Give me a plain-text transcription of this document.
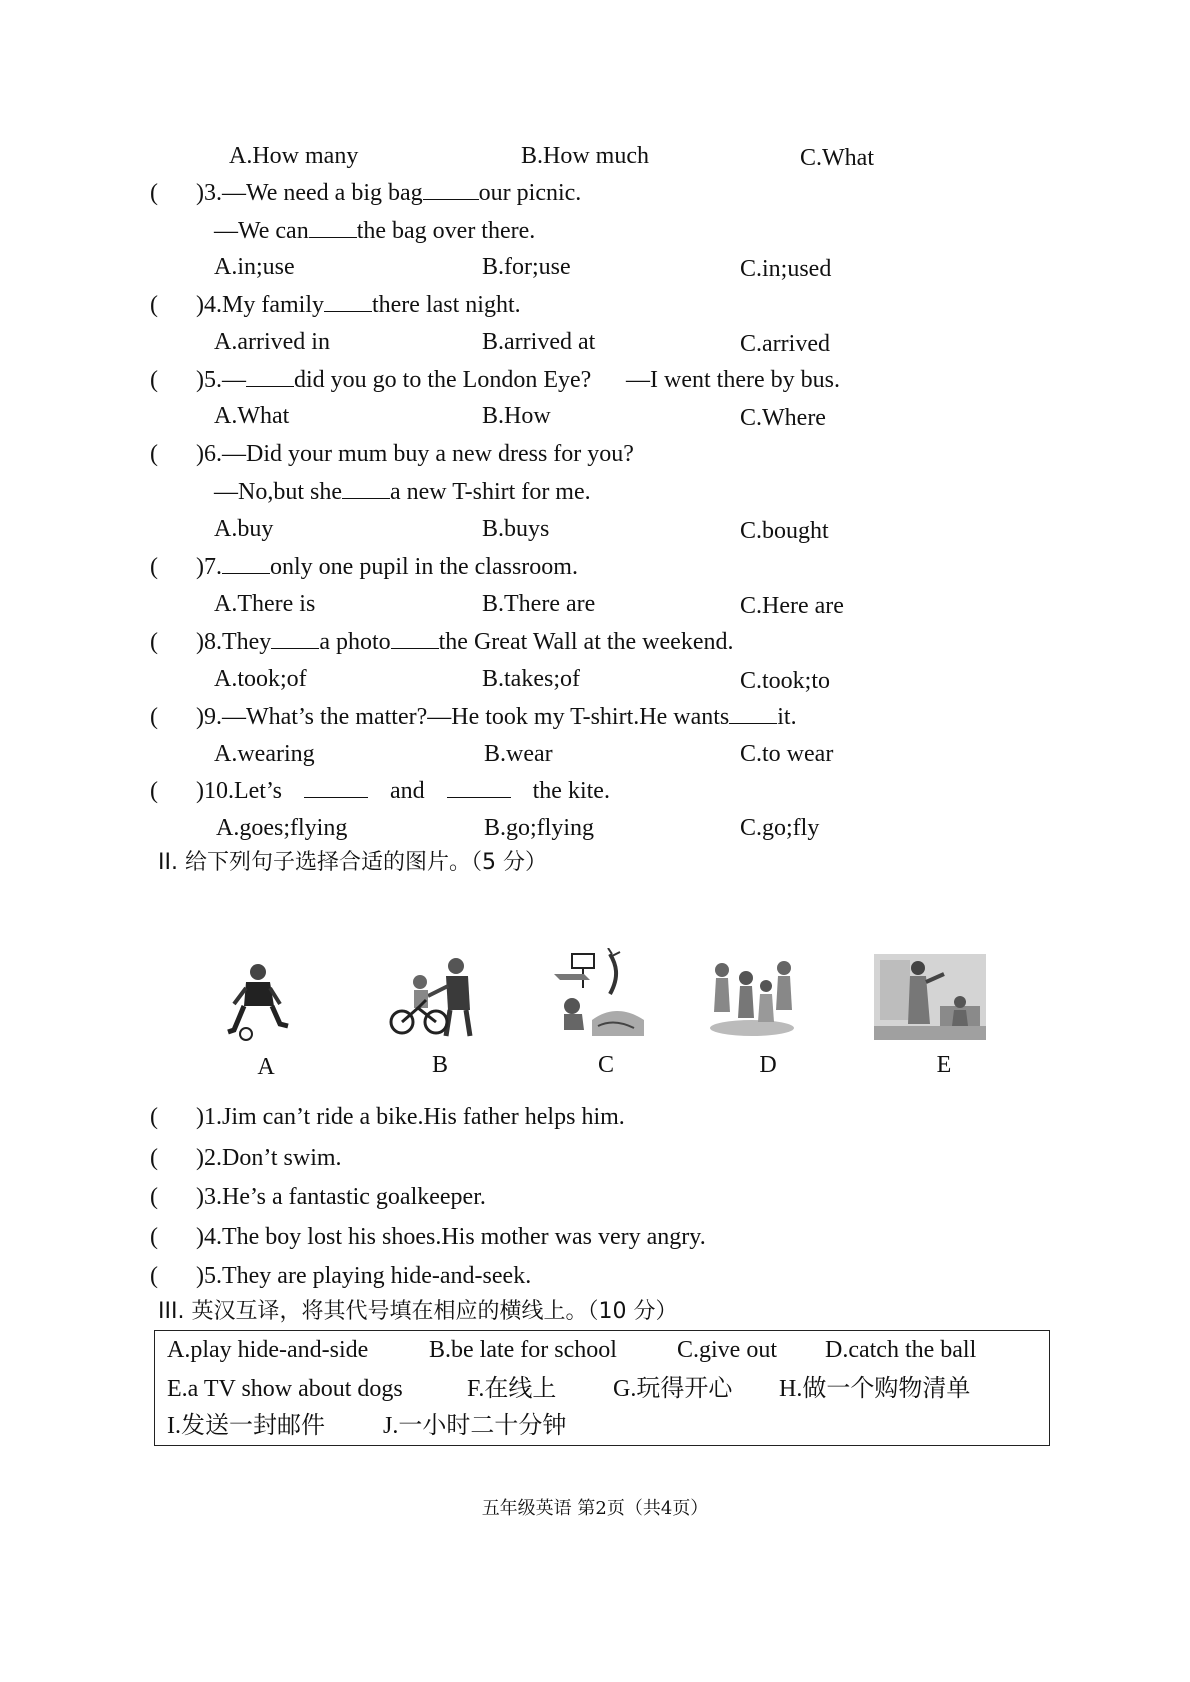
A.How many	B.How much	C.What
( )3.—We need a big bag our picnic.
—We can the bag over there.
A.in;use	B.for;use	C.in;used
( )4.My family there last night.
A.arrived in	B.arrived at	C.arrived
( )5.— did you go to the London Eye? —I went there by bus.
A.What	B.How	C.Where
( )6.—Did your mum buy a new dress for you?
—No,but she a new T-shirt for me.
A.buy	B.buys	C.bought
( )7. only one pupil in the classroom.
A.There is	B.There are	C.Here are
( )8.They a photo the Great Wall at the weekend.
A.took;of	B.takes;of	C.took;to
( )9.—What’s the matter?—He took my T-shirt.He wants it.
A.wearing	B.wear	C.to wear
( )10.Let’s	and	the kite.
A.goes;flying	B.go;flying	C.go;fly
II. 给下列句子选择合适的图片。（5 分）
A	B	C	D	E
( )1.Jim can’t ride a bike.His father helps him.
( )2.Don’t swim.
( )3.He’s a fantastic goalkeeper.
( )4.The boy lost his shoes.His mother was very angry.
( )5.They are playing hide-and-seek.
III. 英汉互译，将其代号填在相应的横线上。（10 分）
A.play hide-and-side	B.be late for school	C.give out D.catch the ball
E.a TV show about dogs	F.在线上 G.玩得开心 H.做一个购物清单
I.发送一封邮件 J.一小时二十分钟
五年级英语 第2页（共4页）
